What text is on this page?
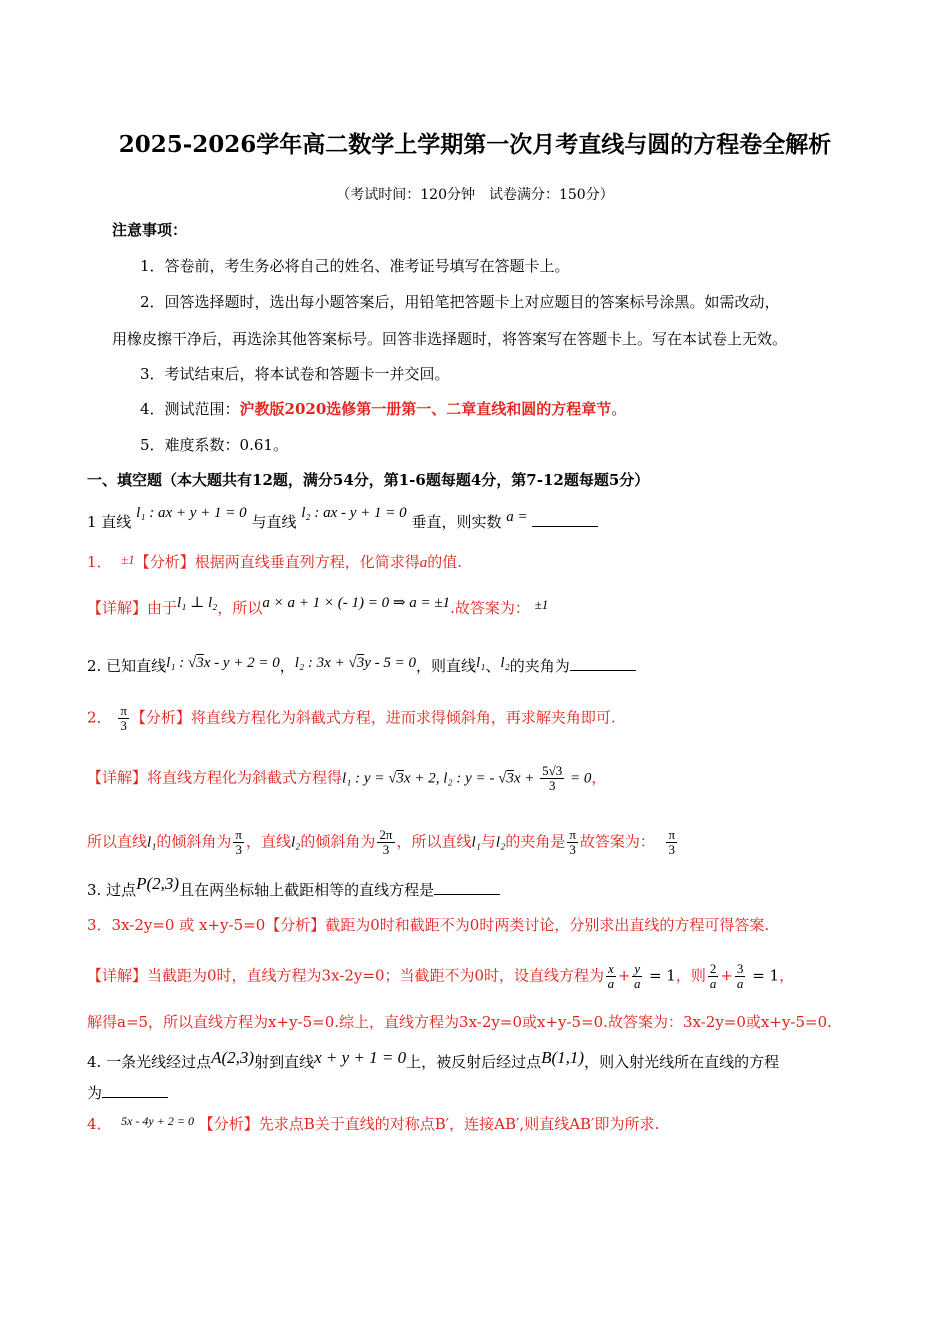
2025-2026学年高二数学上学期第一次月考直线与圆的方程卷全解析
（考试时间：120分钟　试卷满分：150分）
注意事项：
1．答卷前，考生务必将自己的姓名、准考证号填写在答题卡上。
2．回答选择题时，选出每小题答案后，用铅笔把答题卡上对应题目的答案标号涂黑。如需改动，
用橡皮擦干净后，再选涂其他答案标号。回答非选择题时，将答案写在答题卡上。写在本试卷上无效。
3．考试结束后，将本试卷和答题卡一并交回。
4．测试范围：沪教版2020选修第一册第一、二章直线和圆的方程章节。
5．难度系数：0.61。
一、填空题（本大题共有12题，满分54分，第1-6题每题4分，第7-12题每题5分）
1 直线 l₁ : ax + y + 1 = 0 与直线 l₂ : ax - y + 1 = 0 垂直，则实数 a =
1． ±1【分析】根据两直线垂直列方程，化简求得a的值.
【详解】由于l₁ ⊥ l₂，所以a × a + 1 × (- 1) = 0 ⇒ a = ±1.故答案为： ±1
2. 已知直线l₁ : √3x - y + 2 = 0，l₂ : 3x + √3y - 5 = 0，则直线l₁、l₂的夹角为
2． $\frac{\pi}{3}$ 【分析】将直线方程化为斜截式方程，进而求得倾斜角，再求解夹角即可.
【详解】将直线方程化为斜截式方程得l₁ : y = √3x + 2, l₂ : y = - $√3x + \frac{5√3}{3} = 0$，
所以直线l₁的倾斜角为 $\frac{\pi}{3}$ ，直线l₂的倾斜角为 $\frac{2\pi}{3}$ ，所以直线l₁与l₂的夹角是 $\frac{\pi}{3}$ 故答案为： $\frac{\pi}{3}$
3. 过点P(2,3)且在两坐标轴上截距相等的直线方程是
3．3x-2y=0 或 x+y-5=0【分析】截距为0时和截距不为0时两类讨论，分别求出直线的方程可得答案.
【详解】当截距为0时，直线方程为3x-2y=0；当截距不为0时，设直线方程为 $\frac{x}{a} + \frac{y}{a} = 1$，则 $\frac{2}{a} + \frac{3}{a} = 1$，
解得a=5，所以直线方程为x+y-5=0.综上，直线方程为3x-2y=0或x+y-5=0.故答案为：3x-2y=0或x+y-5=0.
4. 一条光线经过点A(2,3)射到直线x + y + 1 = 0上，被反射后经过点B(1,1)，则入射光线所在直线的方程
为
4． $^{5x - 4y + 2 = 0}$ 【分析】先求点B关于直线的对称点B′，连接AB′,则直线AB′即为所求.
